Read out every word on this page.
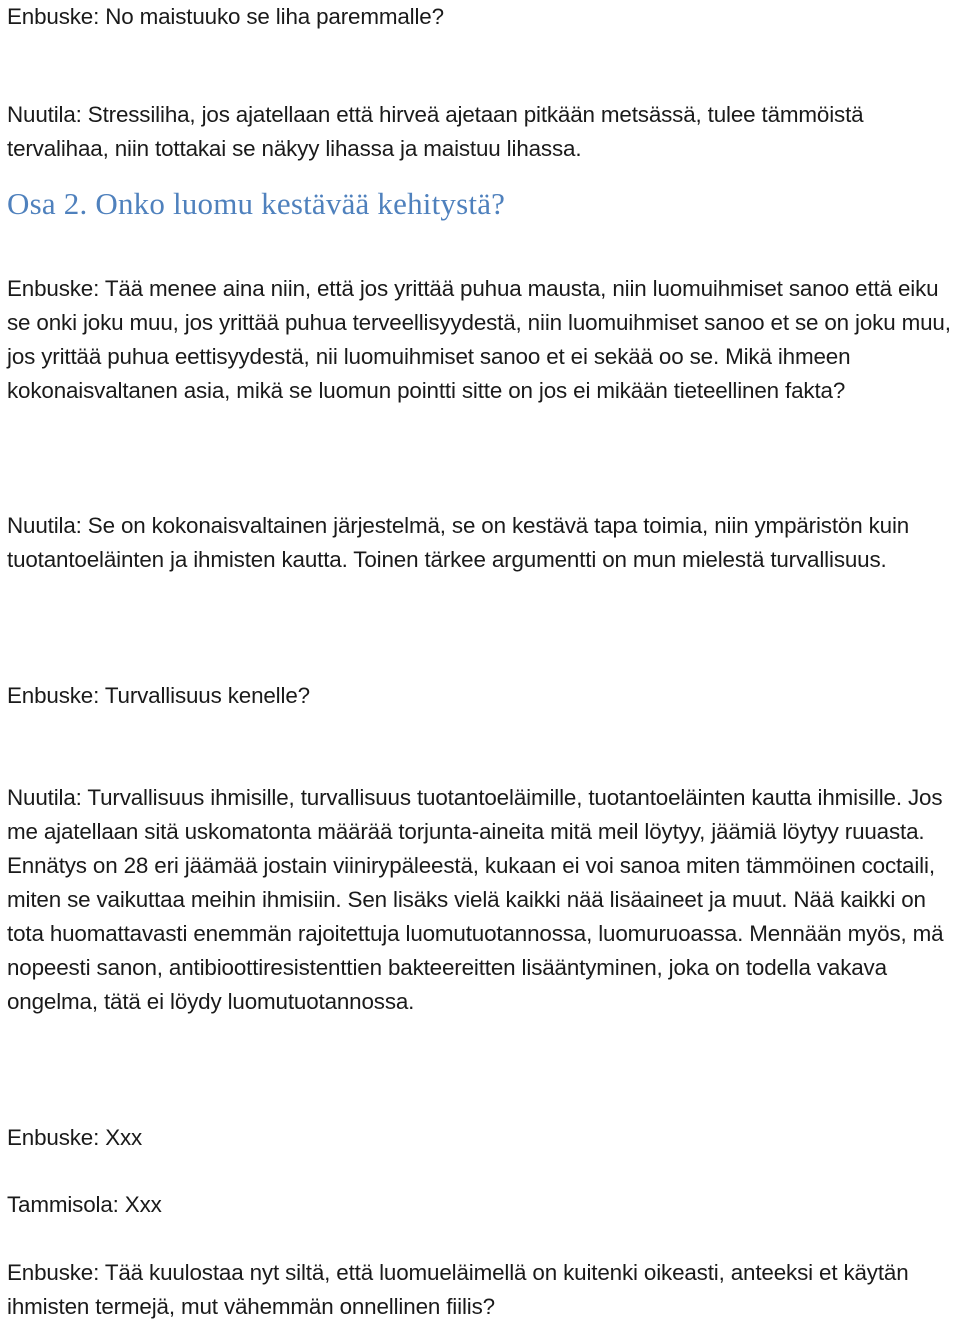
Enbuske: No maistuuko se liha paremmalle?

Nuutila: Stressiliha, jos ajatellaan että hirveä ajetaan pitkään metsässä, tulee tämmöistä tervalihaa, niin tottakai se näkyy lihassa ja maistuu lihassa.

Osa 2. Onko luomu kestävää kehitystä?

Enbuske: Tää menee aina niin, että jos yrittää puhua mausta, niin luomuihmiset sanoo että eiku se onki joku muu, jos yrittää puhua terveellisyydestä, niin luomuihmiset sanoo et se on joku muu, jos yrittää puhua eettisyydestä, nii luomuihmiset sanoo et ei sekää oo se. Mikä ihmeen kokonaisvaltanen asia, mikä se luomun pointti sitte on jos ei mikään tieteellinen fakta?

Nuutila: Se on kokonaisvaltainen järjestelmä, se on kestävä tapa toimia, niin ympäristön kuin tuotantoeläinten ja ihmisten kautta. Toinen tärkee argumentti on mun mielestä turvallisuus.

Enbuske: Turvallisuus kenelle?

Nuutila: Turvallisuus ihmisille, turvallisuus tuotantoeläimille, tuotantoeläinten kautta ihmisille. Jos me ajatellaan sitä uskomatonta määrää torjunta-aineita mitä meil löytyy, jäämiä löytyy ruuasta. Ennätys on 28 eri jäämää jostain viinirypäleestä, kukaan ei voi sanoa miten tämmöinen coctaili, miten se vaikuttaa meihin ihmisiin. Sen lisäks vielä kaikki nää lisäaineet ja muut. Nää kaikki on tota huomattavasti enemmän rajoitettuja luomutuotannossa, luomuruoassa. Mennään myös, mä nopeesti sanon, antibioottiresistenttien bakteereitten lisääntyminen, joka on todella vakava ongelma, tätä ei löydy luomutuotannossa.

Enbuske: Xxx

Tammisola: Xxx

Enbuske: Tää kuulostaa nyt siltä, että luomueläimellä on kuitenki oikeasti, anteeksi et käytän ihmisten termejä, mut vähemmän onnellinen fiilis?
